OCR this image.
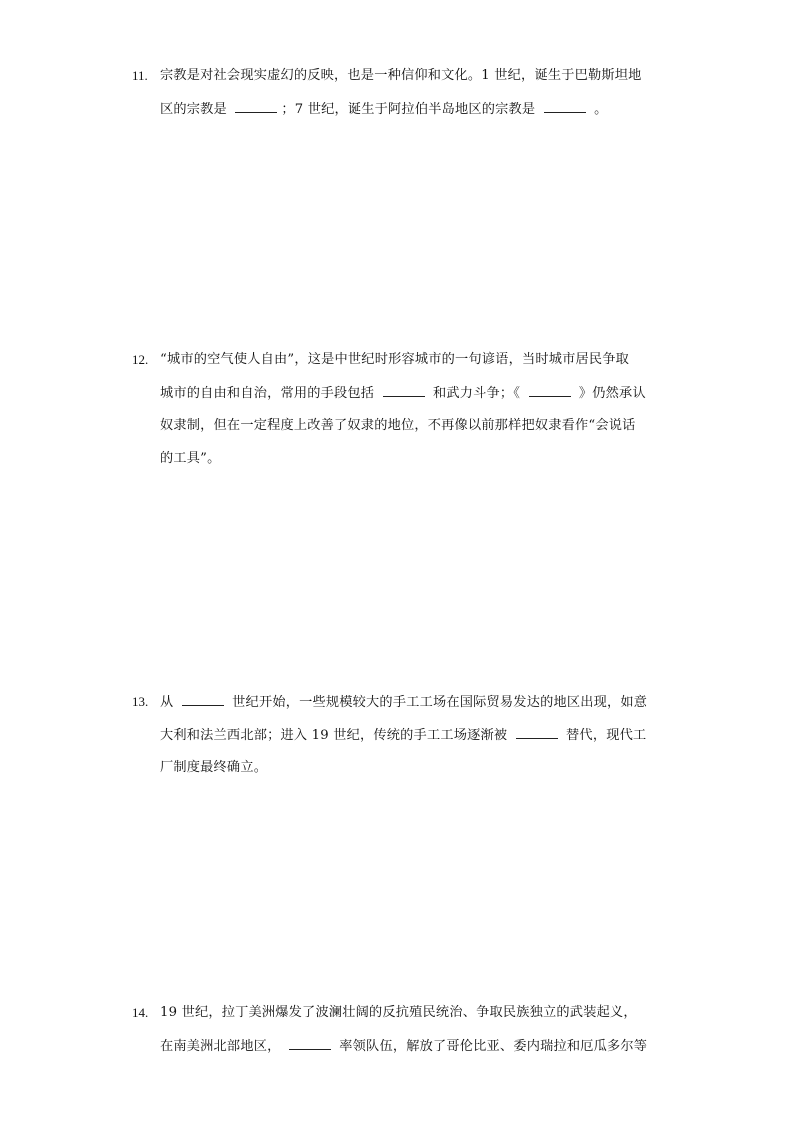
11. 宗教是对社会现实虚幻的反映，也是一种信仰和文化。1 世纪，诞生于巴勒斯坦地
区的宗教是	；7 世纪，诞生于阿拉伯半岛地区的宗教是	。
12. “城市的空气使人自由”，这是中世纪时形容城市的一句谚语，当时城市居民争取
城市的自由和自治，常用的手段包括	和武力斗争；《	》仍然承认
奴隶制，但在一定程度上改善了奴隶的地位，不再像以前那样把奴隶看作“会说话
的工具”。
13. 从	世纪开始，一些规模较大的手工工场在国际贸易发达的地区出现，如意
大利和法兰西北部；进入 19 世纪，传统的手工工场逐渐被	替代，现代工
厂制度最终确立。
14. 19 世纪，拉丁美洲爆发了波澜壮阔的反抗殖民统治、争取民族独立的武装起义，
在南美洲北部地区，	率领队伍，解放了哥伦比亚、委内瑞拉和厄瓜多尔等
